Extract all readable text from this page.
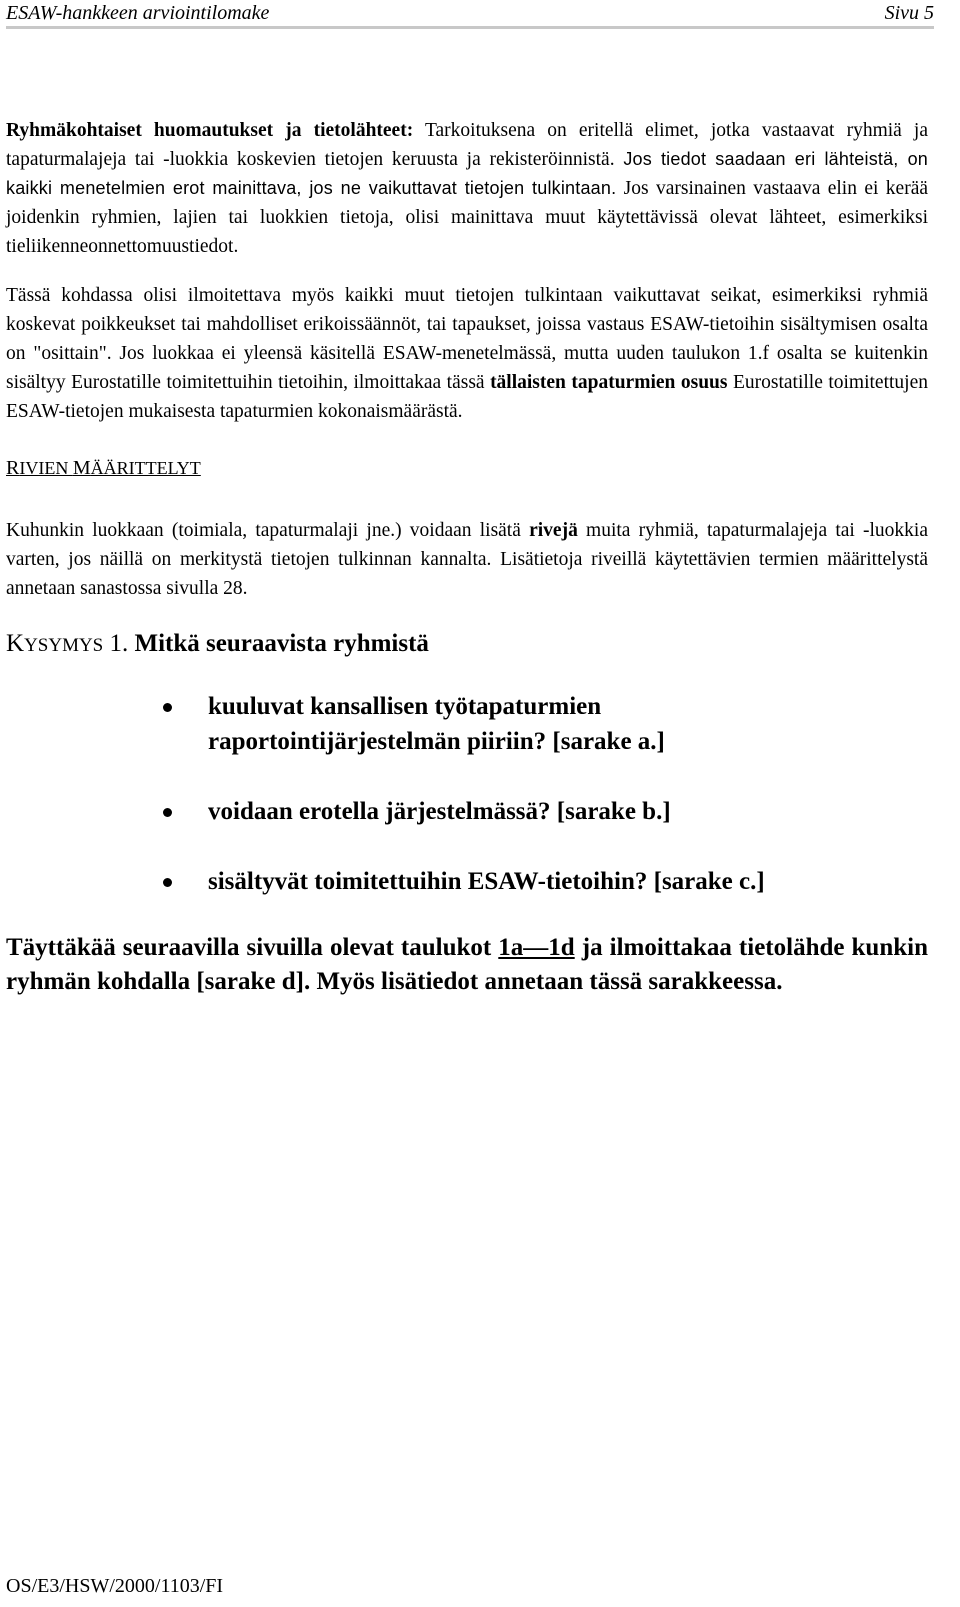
ESAW-hankkeen arviointilomake	Sivu 5

Ryhmäkohtaiset huomautukset ja tietolähteet: Tarkoituksena on eritellä elimet, jotka vastaavat ryhmiä ja tapaturmalajeja tai -luokkia koskevien tietojen keruusta ja rekisteröinnistä. Jos tiedot saadaan eri lähteistä, on kaikki menetelmien erot mainittava, jos ne vaikuttavat tietojen tulkintaan. Jos varsinainen vastaava elin ei kerää joidenkin ryhmien, lajien tai luokkien tietoja, olisi mainittava muut käytettävissä olevat lähteet, esimerkiksi tieliikenneonnettomuustiedot.

Tässä kohdassa olisi ilmoitettava myös kaikki muut tietojen tulkintaan vaikuttavat seikat, esimerkiksi ryhmiä koskevat poikkeukset tai mahdolliset erikoissäännöt, tai tapaukset, joissa vastaus ESAW-tietoihin sisältymisen osalta on "osittain". Jos luokkaa ei yleensä käsitellä ESAW-menetelmässä, mutta uuden taulukon 1.f osalta se kuitenkin sisältyy Eurostatille toimitettuihin tietoihin, ilmoittakaa tässä tällaisten tapaturmien osuus Eurostatille toimitettujen ESAW-tietojen mukaisesta tapaturmien kokonaismäärästä.

RIVIEN MÄÄRITTELYT

Kuhunkin luokkaan (toimiala, tapaturmalaji jne.) voidaan lisätä rivejä muita ryhmiä, tapaturmalajeja tai -luokkia varten, jos näillä on merkitystä tietojen tulkinnan kannalta. Lisätietoja riveillä käytettävien termien määrittelystä annetaan sanastossa sivulla 28.

KYSYMYS 1. Mitkä seuraavista ryhmistä
kuuluvat kansallisen työtapaturmien
raportointijärjestelmän piiriin? [sarake a.]
voidaan erotella järjestelmässä? [sarake b.]
sisältyvät toimitettuihin ESAW-tietoihin? [sarake c.]

Täyttäkää seuraavilla sivuilla olevat taulukot 1a—1d ja ilmoittakaa tietolähde kunkin ryhmän kohdalla [sarake d]. Myös lisätiedot annetaan tässä sarakkeessa.

OS/E3/HSW/2000/1103/FI
